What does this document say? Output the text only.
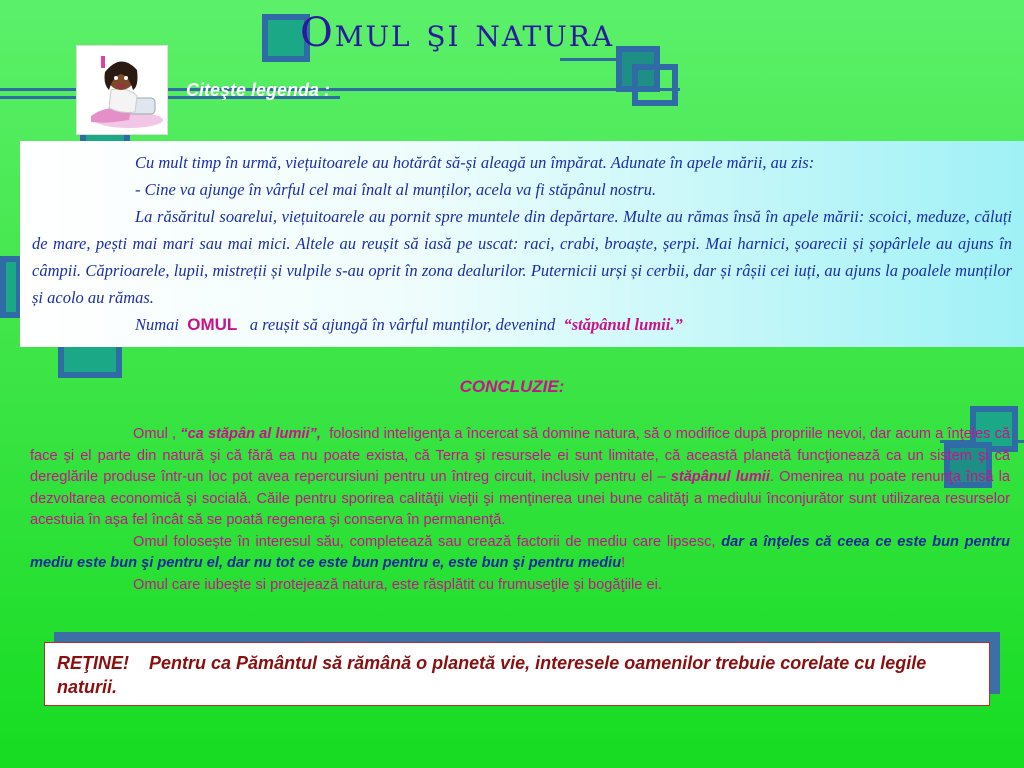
Omul şi natura
Citeşte legenda :

Cu mult timp în urmă, viețuitoarele au hotărât să-și aleagă un împărat. Adunate în apele mării, au zis:

- Cine va ajunge în vârful cel mai înalt al munților, acela va fi stăpânul nostru.

La răsăritul soarelui, viețuitoarele au pornit spre muntele din depărtare. Multe au rămas însă în apele mării: scoici, meduze, căluți de mare, pești mai mari sau mai mici. Altele au reușit să iasă pe uscat: raci, crabi, broaște, șerpi. Mai harnici, șoarecii și șopârlele au ajuns în câmpii. Căprioarele, lupii, mistreții și vulpile s-au oprit în zona dealurilor. Puternicii urși și cerbii, dar și râșii cei iuți, au ajuns la poalele munților și acolo au rămas.

Numai OMUL a reușit să ajungă în vârful munților, devenind “stăpânul lumii.”

CONCLUZIE:

Omul , “ca stăpân al lumii”, folosind inteligenţa a încercat să domine natura, să o modifice după propriile nevoi, dar acum a înţeles că face şi el parte din natură şi că fără ea nu poate exista, că Terra şi resursele ei sunt limitate, că această planetă funcţionează ca un sistem şi că dereglările produse într-un loc pot avea repercursiuni pentru un întreg circuit, inclusiv pentru el – stăpânul lumii. Omenirea nu poate renunţa însă la dezvoltarea economică şi socială. Căile pentru sporirea calităţii vieţii şi menţinerea unei bune calităţi a mediului înconjurător sunt utilizarea resurselor acestuia în aşa fel încât să se poată regenera şi conserva în permanenţă.

Omul foloseşte în interesul său, completează sau crează factorii de mediu care lipsesc, dar a înţeles că ceea ce este bun pentru mediu este bun şi pentru el, dar nu tot ce este bun pentru e, este bun şi pentru mediu!

Omul care iubeşte si protejează natura, este răsplătit cu frumuseţile şi bogăţiile ei.

REŢINE! Pentru ca Pământul să rămână o planetă vie, interesele oamenilor trebuie corelate cu legile naturii.
